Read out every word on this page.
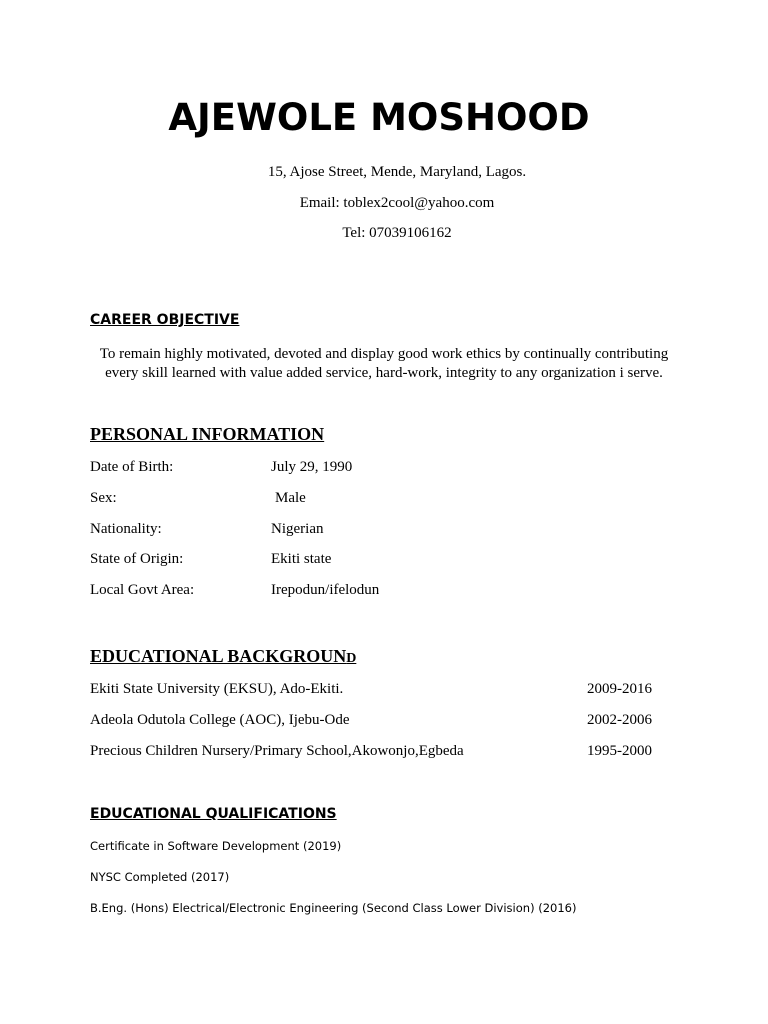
AJEWOLE MOSHOOD
15, Ajose Street, Mende, Maryland, Lagos.
Email: toblex2cool@yahoo.com
Tel: 07039106162
CAREER OBJECTIVE
To remain highly motivated, devoted and display good work ethics by continually contributing every skill learned with value added service, hard-work, integrity to any organization i serve.
PERSONAL INFORMATION
Date of Birth:	July 29, 1990
Sex:	Male
Nationality:	Nigerian
State of Origin:	Ekiti state
Local Govt Area:	Irepodun/ifelodun
EDUCATIONAL BACKGROUND
Ekiti State University (EKSU), Ado-Ekiti.	2009-2016
Adeola Odutola College (AOC), Ijebu-Ode	2002-2006
Precious Children Nursery/Primary School,Akowonjo,Egbeda	1995-2000
EDUCATIONAL QUALIFICATIONS
Certificate in Software Development (2019)
NYSC Completed (2017)
B.Eng. (Hons) Electrical/Electronic Engineering (Second Class Lower Division) (2016)
